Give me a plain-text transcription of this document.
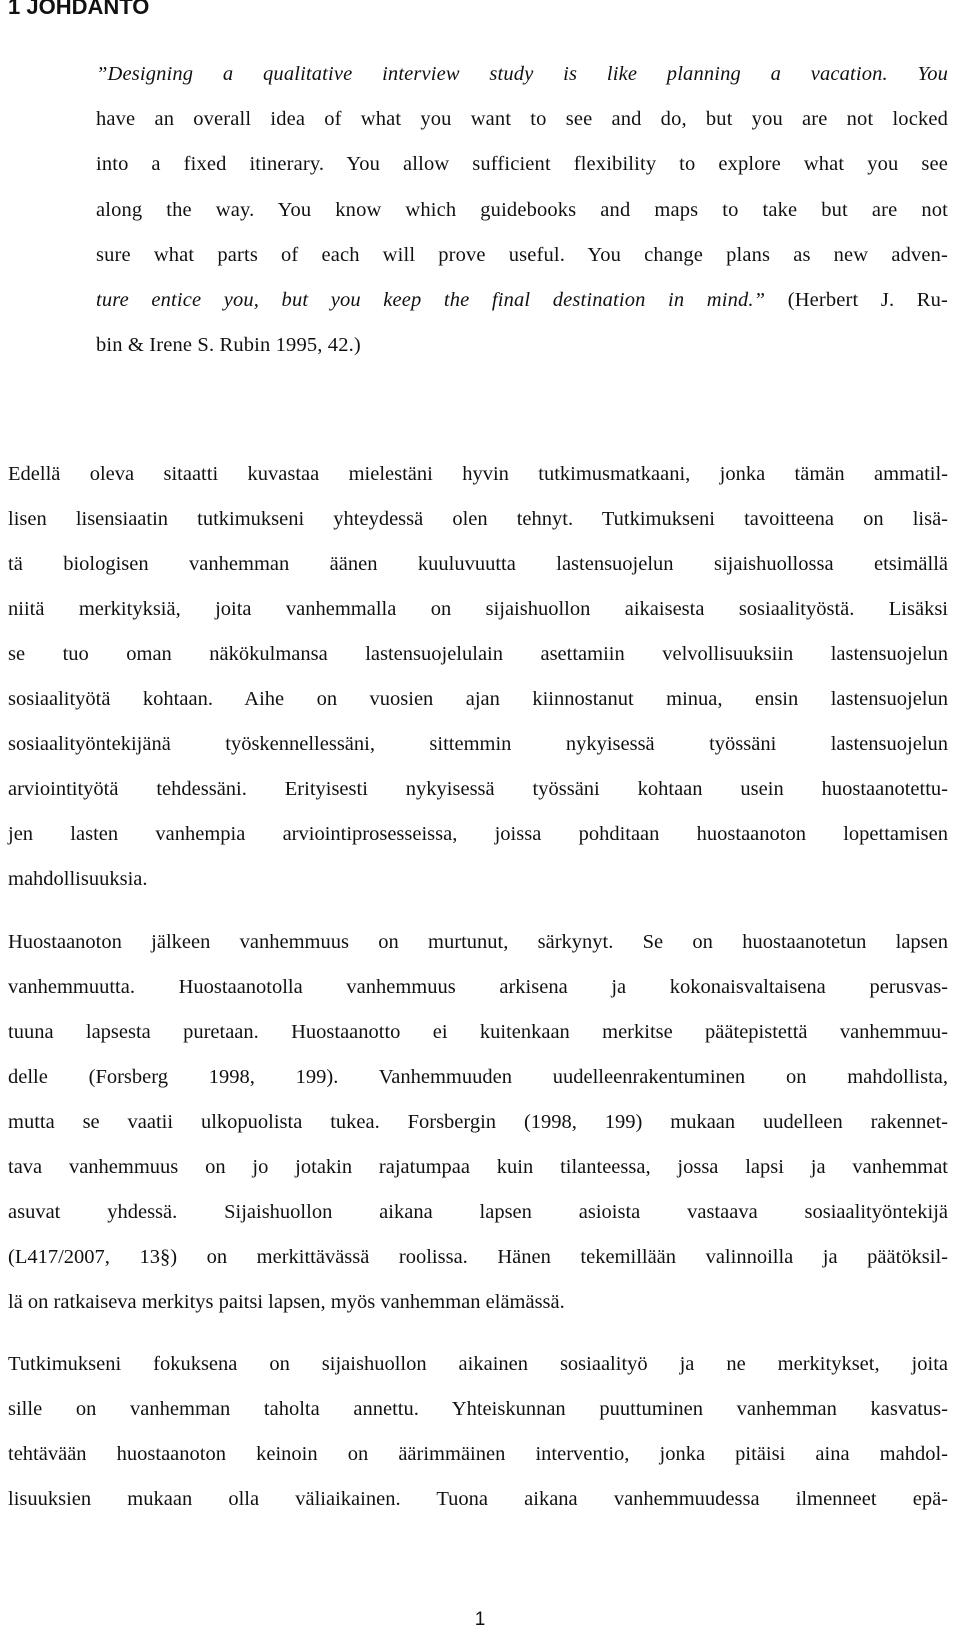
1 JOHDANTO
”Designing a qualitative interview study is like planning a vacation. You
have an overall idea of what you want to see and do, but you are not locked
into a fixed itinerary. You allow sufficient flexibility to explore what you see
along the way. You know which guidebooks and maps to take but are not
sure what parts of each will prove useful. You change plans as new adven-
ture entice you, but you keep the final destination in mind.” (Herbert J. Ru-
bin & Irene S. Rubin 1995, 42.)
Edellä oleva sitaatti kuvastaa mielestäni hyvin tutkimusmatkaani, jonka tämän ammatil-
lisen lisensiaatin tutkimukseni yhteydessä olen tehnyt. Tutkimukseni tavoitteena on lisä-
tä biologisen vanhemman äänen kuuluvuutta lastensuojelun sijaishuollossa etsimällä
niitä merkityksiä, joita vanhemmalla on sijaishuollon aikaisesta sosiaalityöstä. Lisäksi
se tuo oman näkökulmansa lastensuojelulain asettamiin velvollisuuksiin lastensuojelun
sosiaalityötä kohtaan. Aihe on vuosien ajan kiinnostanut minua, ensin lastensuojelun
sosiaalityöntekijänä työskennellessäni, sittemmin nykyisessä työssäni lastensuojelun
arviointityötä tehdessäni. Erityisesti nykyisessä työssäni kohtaan usein huostaanotettu-
jen lasten vanhempia arviointiprosesseissa, joissa pohditaan huostaanoton lopettamisen
mahdollisuuksia.
Huostaanoton jälkeen vanhemmuus on murtunut, särkynyt. Se on huostaanotetun lapsen
vanhemmuutta. Huostaanotolla vanhemmuus arkisena ja kokonaisvaltaisena perusvas-
tuuna lapsesta puretaan. Huostaanotto ei kuitenkaan merkitse päätepistettä vanhemmuu-
delle (Forsberg 1998, 199). Vanhemmuuden uudelleenrakentuminen on mahdollista,
mutta se vaatii ulkopuolista tukea. Forsbergin (1998, 199) mukaan uudelleen rakennet-
tava vanhemmuus on jo jotakin rajatumpaa kuin tilanteessa, jossa lapsi ja vanhemmat
asuvat yhdessä. Sijaishuollon aikana lapsen asioista vastaava sosiaalityöntekijä
(L417/2007, 13§) on merkittävässä roolissa. Hänen tekemillään valinnoilla ja päätöksil-
lä on ratkaiseva merkitys paitsi lapsen, myös vanhemman elämässä.
Tutkimukseni fokuksena on sijaishuollon aikainen sosiaalityö ja ne merkitykset, joita
sille on vanhemman taholta annettu. Yhteiskunnan puuttuminen vanhemman kasvatus-
tehtävään huostaanoton keinoin on äärimmäinen interventio, jonka pitäisi aina mahdol-
lisuuksien mukaan olla väliaikainen. Tuona aikana vanhemmuudessa ilmenneet epä-
1
